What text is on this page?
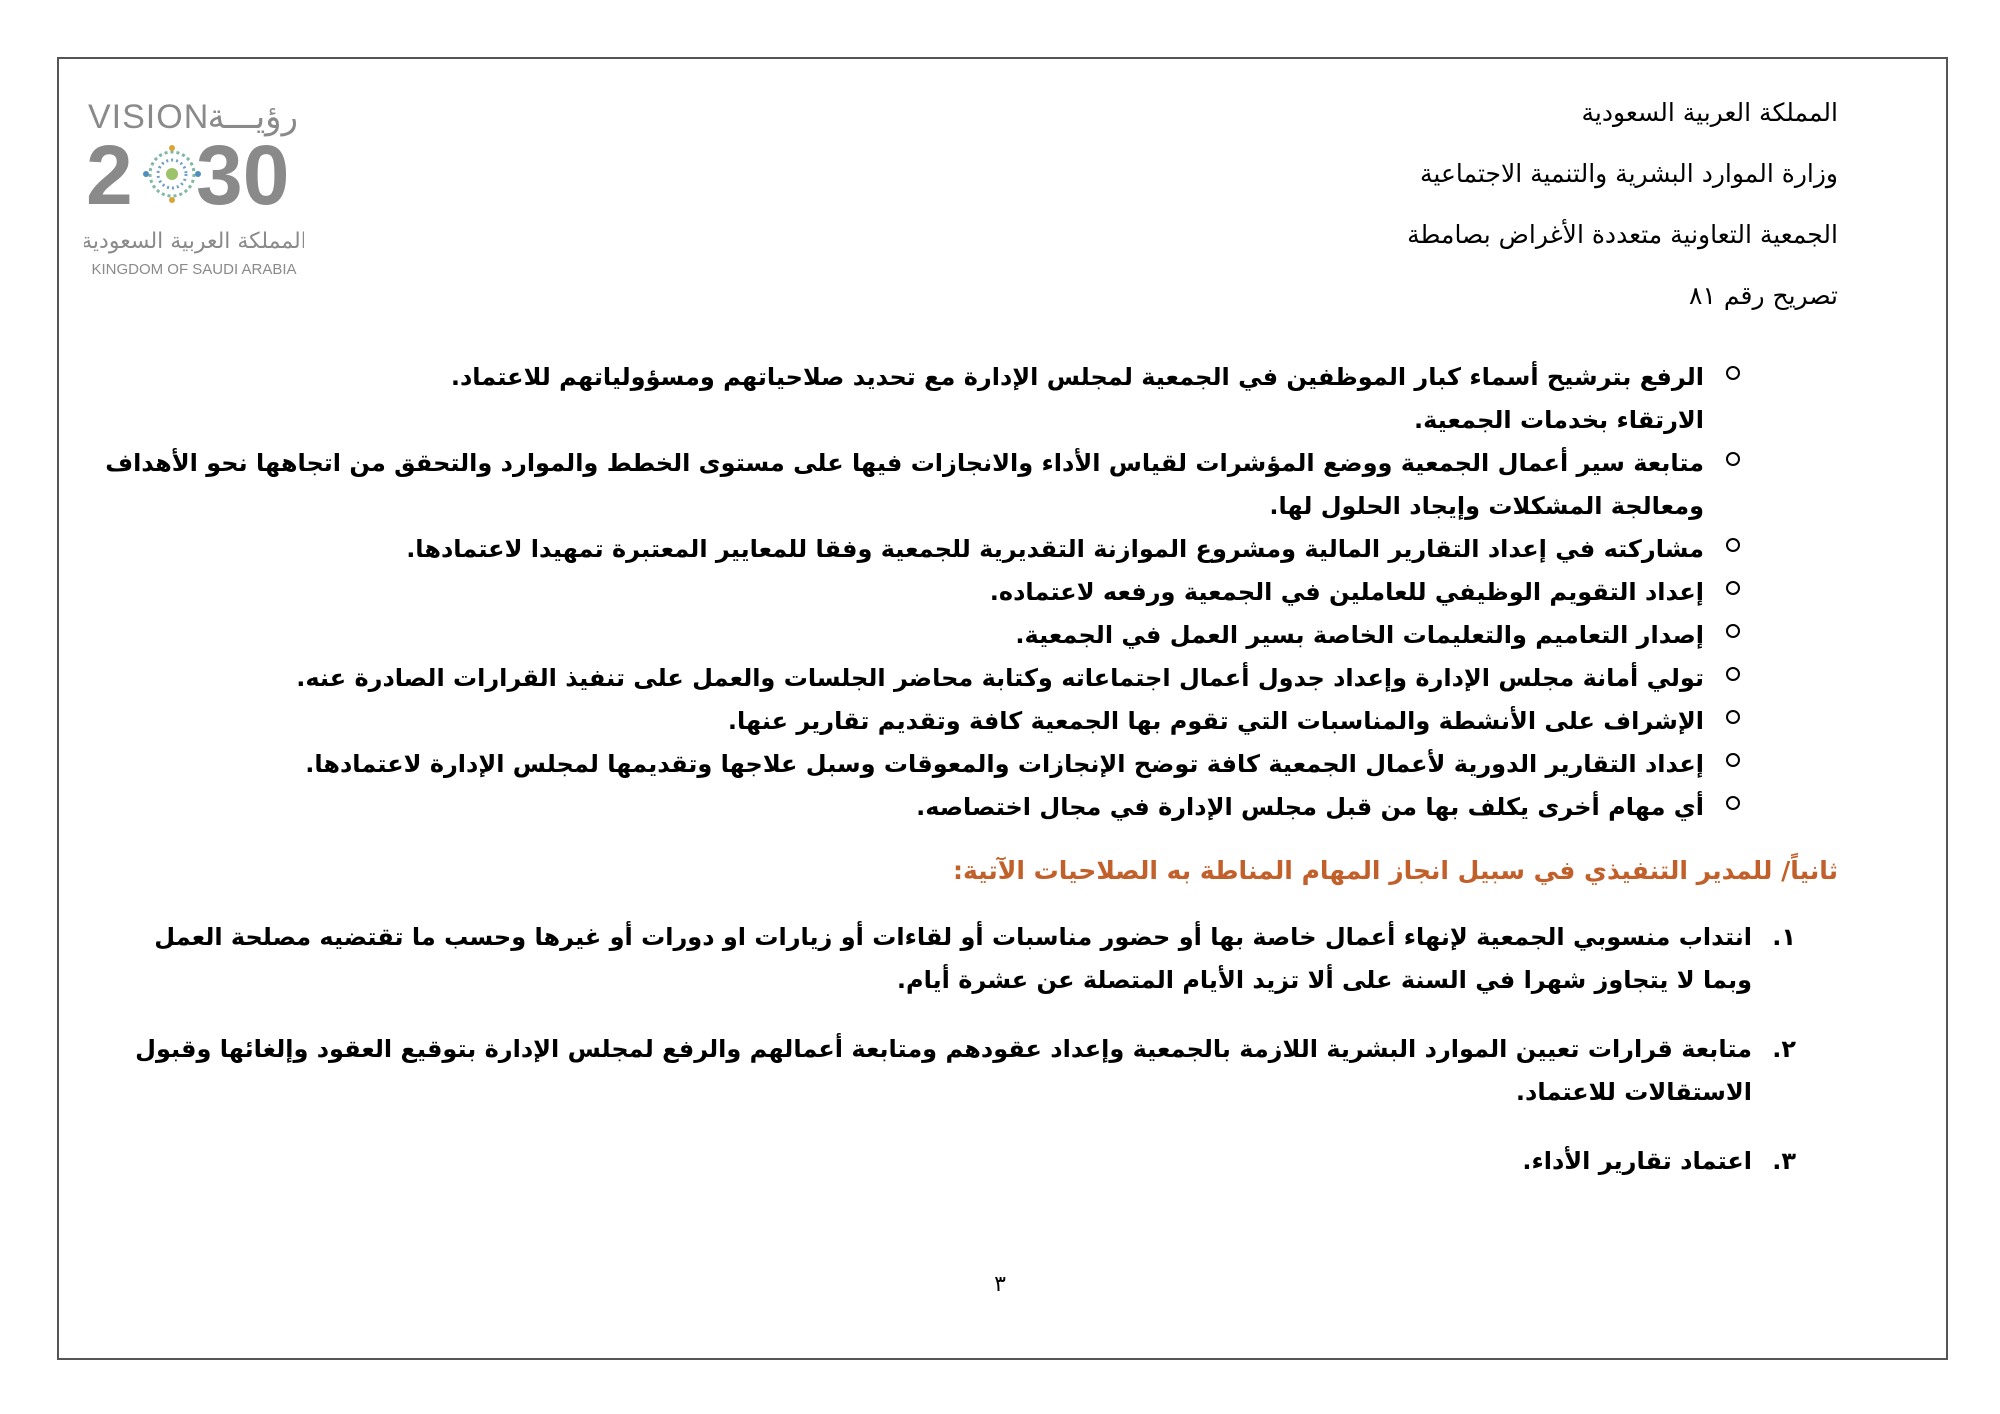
المملكة العربية السعودية
وزارة الموارد البشرية والتنمية الاجتماعية
الجمعية التعاونية متعددة الأغراض بصامطة
تصريح رقم ٨١
VISION
رؤيـــة
2 30
المملكة العربية السعودية
KINGDOM OF SAUDI ARABIA
الرفع بترشيح أسماء كبار الموظفين في الجمعية لمجلس الإدارة مع تحديد صلاحياتهم ومسؤولياتهم للاعتماد.
الارتقاء بخدمات الجمعية.
متابعة سير أعمال الجمعية ووضع المؤشرات لقياس الأداء والانجازات فيها على مستوى الخطط والموارد والتحقق من اتجاهها نحو الأهداف
ومعالجة المشكلات وإيجاد الحلول لها.
مشاركته في إعداد التقارير المالية ومشروع الموازنة التقديرية للجمعية وفقا للمعايير المعتبرة تمهيدا لاعتمادها.
إعداد التقويم الوظيفي للعاملين في الجمعية ورفعه لاعتماده.
إصدار التعاميم والتعليمات الخاصة بسير العمل في الجمعية.
تولي أمانة مجلس الإدارة وإعداد جدول أعمال اجتماعاته وكتابة محاضر الجلسات والعمل على تنفيذ القرارات الصادرة عنه.
الإشراف على الأنشطة والمناسبات التي تقوم بها الجمعية كافة وتقديم تقارير عنها.
إعداد التقارير الدورية لأعمال الجمعية كافة توضح الإنجازات والمعوقات وسبل علاجها وتقديمها لمجلس الإدارة لاعتمادها.
أي مهام أخرى يكلف بها من قبل مجلس الإدارة في مجال اختصاصه.
ثانياً/ للمدير التنفيذي في سبيل انجاز المهام المناطة به الصلاحيات الآتية:
١.
انتداب منسوبي الجمعية لإنهاء أعمال خاصة بها أو حضور مناسبات أو لقاءات أو زيارات او دورات أو غيرها وحسب ما تقتضيه مصلحة العمل
وبما لا يتجاوز شهرا في السنة على ألا تزيد الأيام المتصلة عن عشرة أيام.
٢.
متابعة قرارات تعيين الموارد البشرية اللازمة بالجمعية وإعداد عقودهم ومتابعة أعمالهم والرفع لمجلس الإدارة بتوقيع العقود وإلغائها وقبول
الاستقالات للاعتماد.
٣.
اعتماد تقارير الأداء.
٣
